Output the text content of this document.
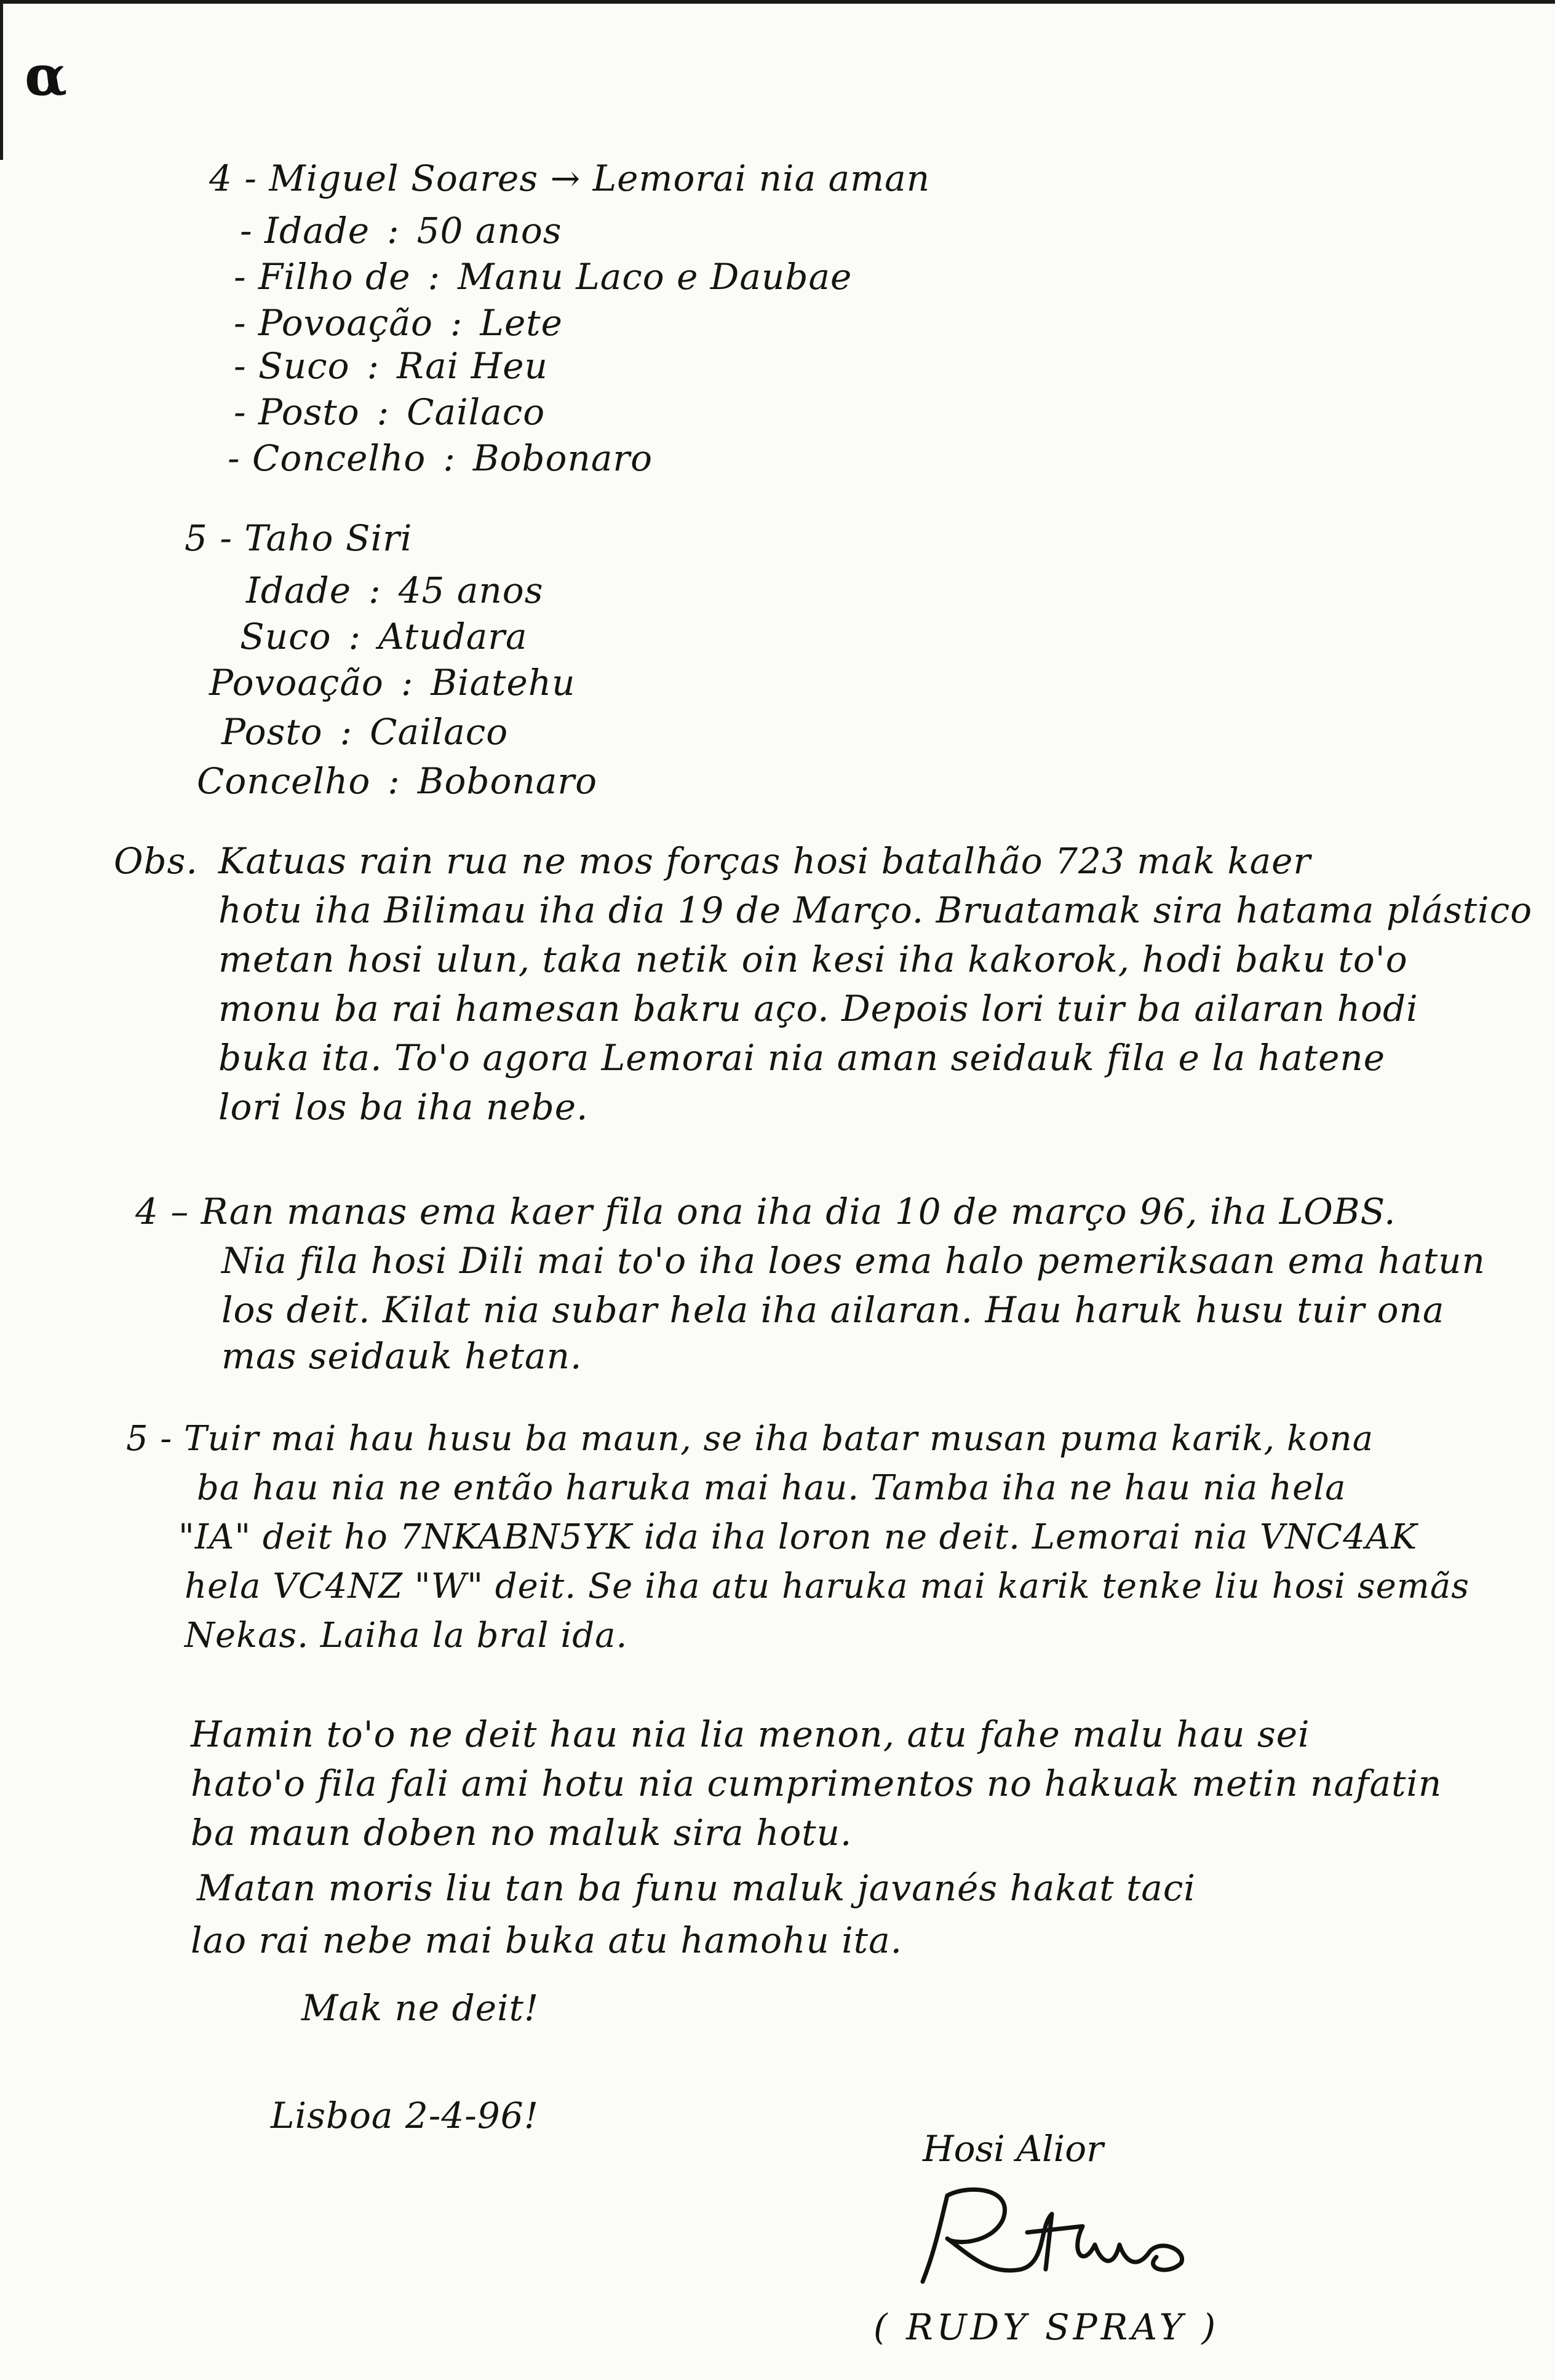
α
4 - Miguel Soares → Lemorai nia aman
- Idade : 50 anos
- Filho de : Manu Laco e Daubae
- Povoação : Lete
- Suco : Rai Heu
- Posto : Cailaco
- Concelho : Bobonaro
5 - Taho Siri
Idade : 45 anos
Suco : Atudara
Povoação : Biatehu
Posto : Cailaco
Concelho : Bobonaro
Obs. Katuas rain rua ne mos forças hosi batalhão 723 mak kaer
hotu iha Bilimau iha dia 19 de Março. Bruatamak sira hatama plástico
metan hosi ulun, taka netik oin kesi iha kakorok, hodi baku to'o
monu ba rai hamesan bakru aço. Depois lori tuir ba ailaran hodi
buka ita. To'o agora Lemorai nia aman seidauk fila e la hatene
lori los ba iha nebe.
4 – Ran manas ema kaer fila ona iha dia 10 de março 96, iha LOBS.
Nia fila hosi Dili mai to'o iha loes ema halo pemeriksaan ema hatun
los deit. Kilat nia subar hela iha ailaran. Hau haruk husu tuir ona
mas seidauk hetan.
5 - Tuir mai hau husu ba maun, se iha batar musan puma karik, kona
ba hau nia ne então haruka mai hau. Tamba iha ne hau nia hela
"IA" deit ho 7NKABN5YK ida iha loron ne deit. Lemorai nia VNC4AK
hela VC4NZ "W" deit. Se iha atu haruka mai karik tenke liu hosi semãs
Nekas. Laiha la bral ida.
Hamin to'o ne deit hau nia lia menon, atu fahe malu hau sei
hato'o fila fali ami hotu nia cumprimentos no hakuak metin nafatin
ba maun doben no maluk sira hotu.
Matan moris liu tan ba funu maluk javanés hakat taci
lao rai nebe mai buka atu hamohu ita.
Mak ne deit!
Lisboa 2-4-96!
Hosi Alior
( RUDY SPRAY )
